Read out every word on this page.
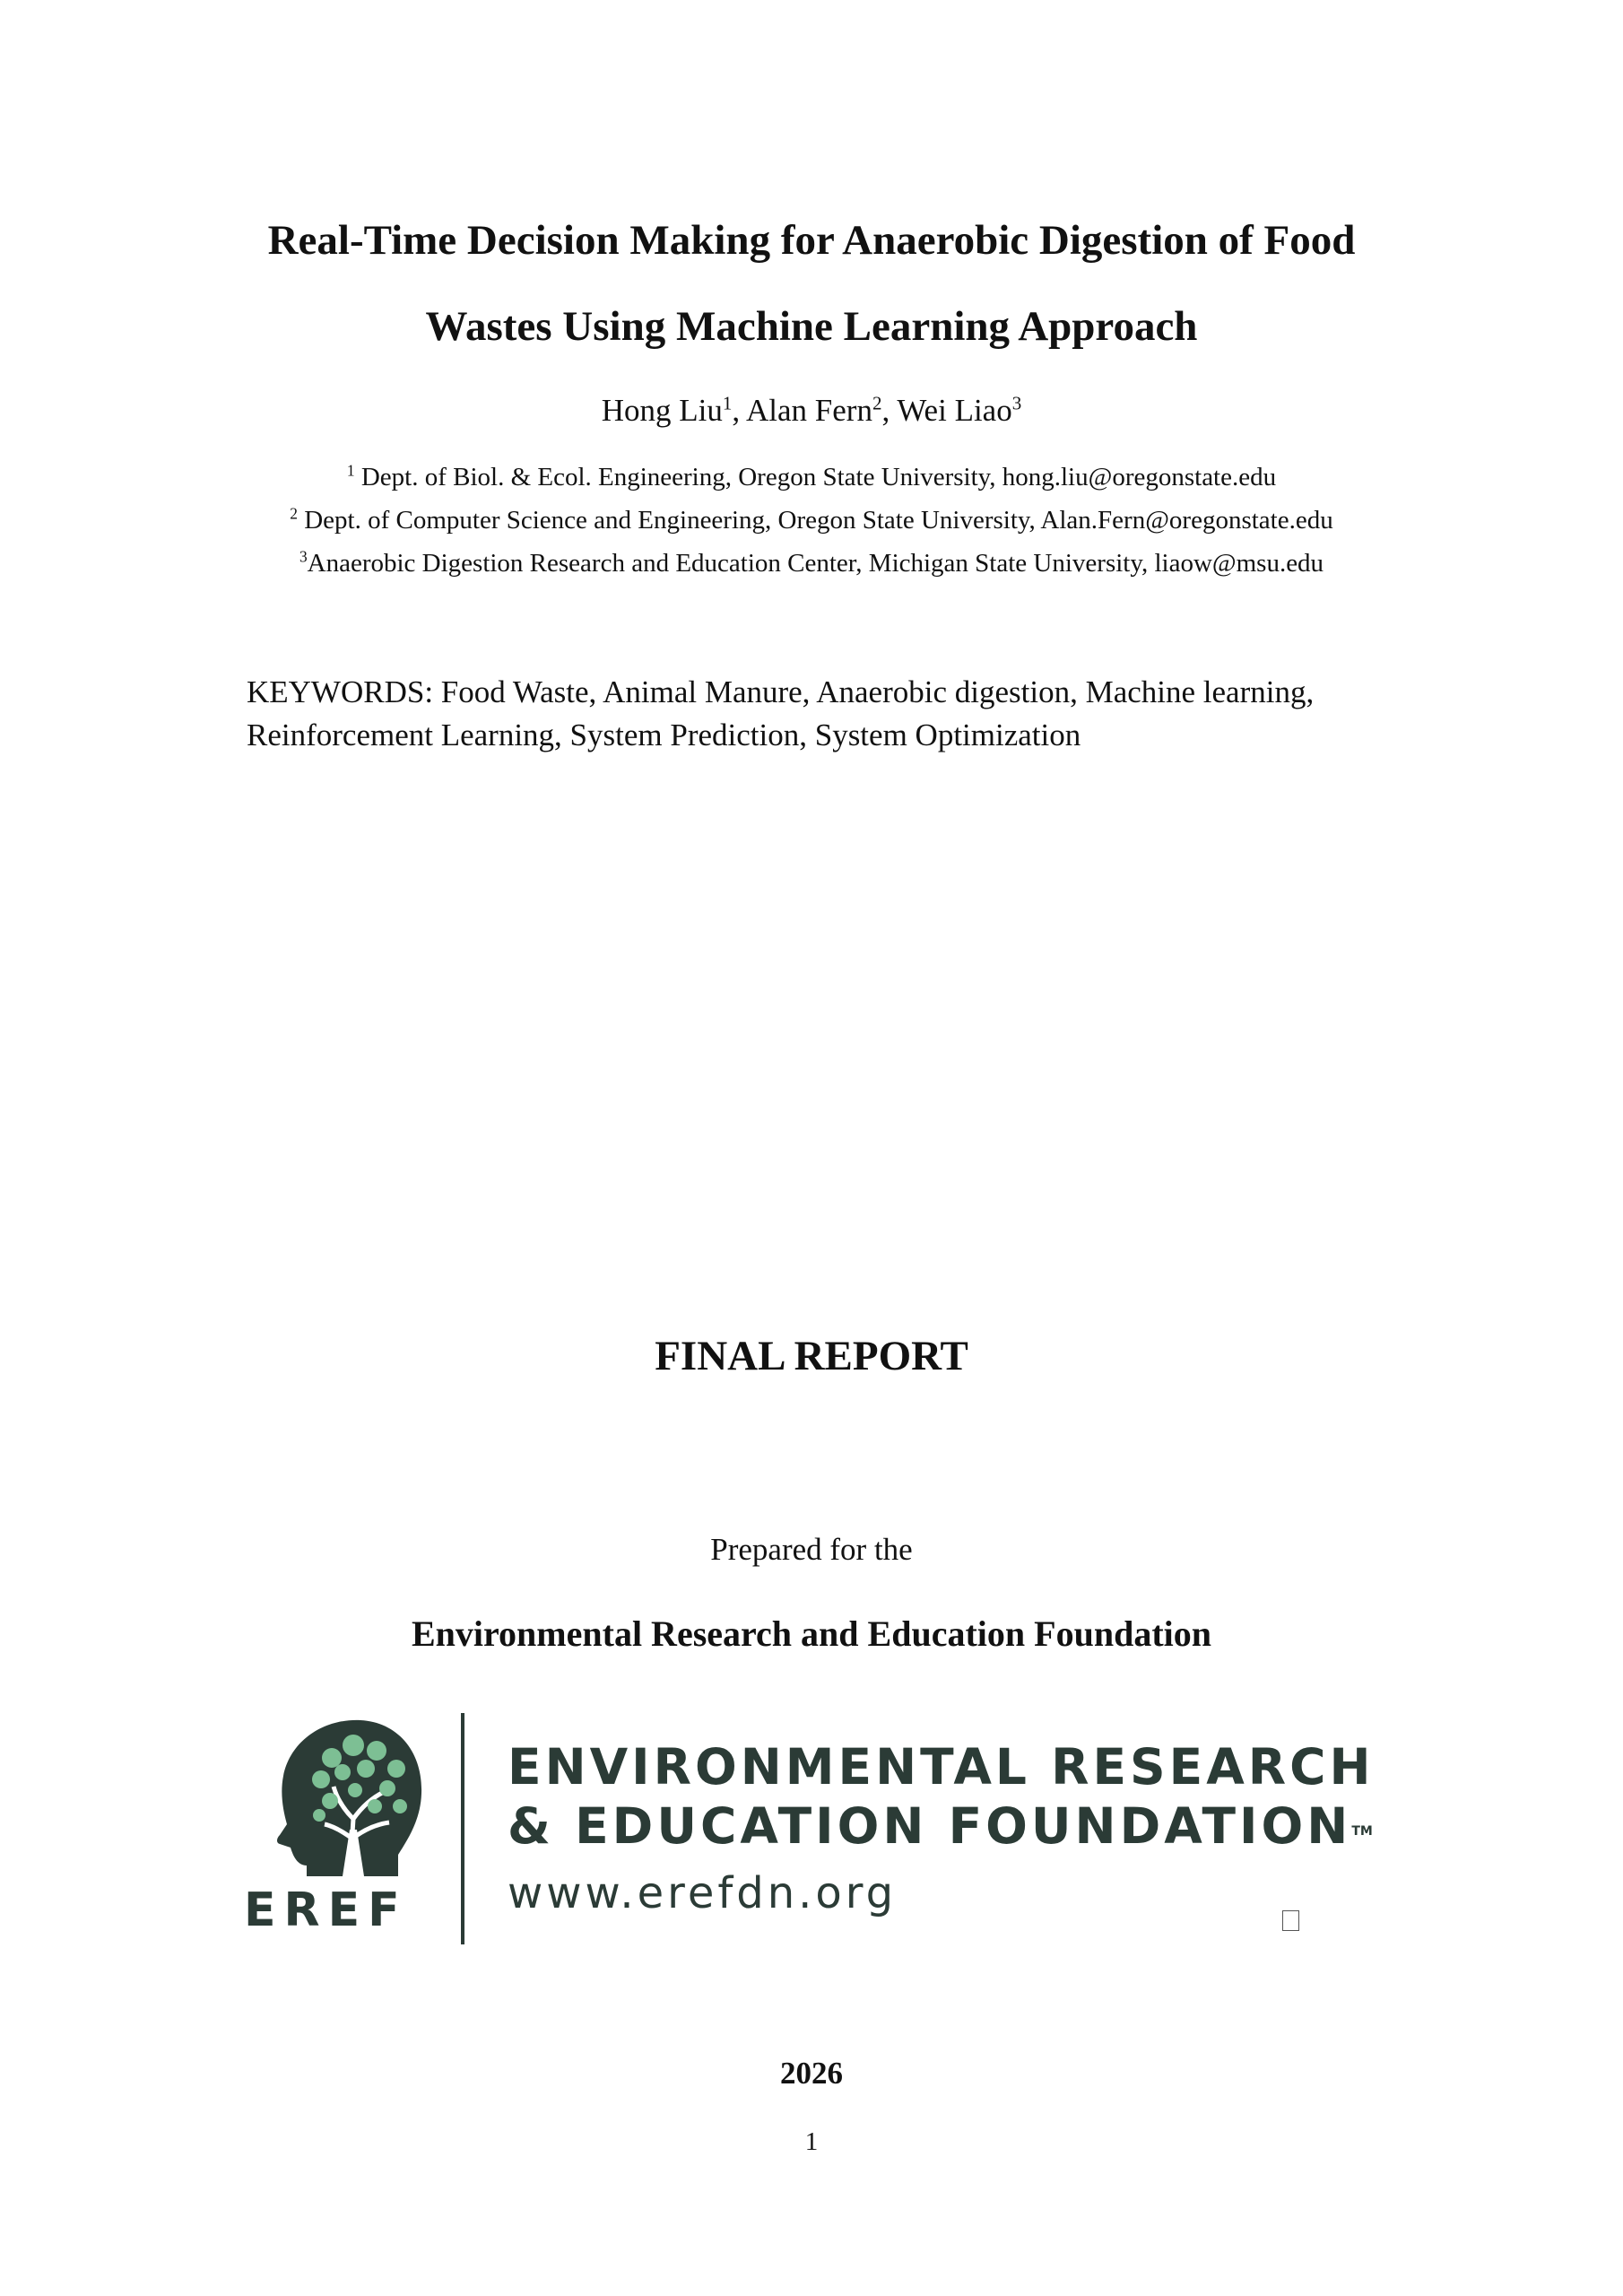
Real-Time Decision Making for Anaerobic Digestion of Food
Wastes Using Machine Learning Approach
Hong Liu$^1$, Alan Fern$^2$, Wei Liao$^3$
$^1$ Dept. of Biol. & Ecol. Engineering, Oregon State University, hong.liu@oregonstate.edu
$^2$ Dept. of Computer Science and Engineering, Oregon State University, Alan.Fern@oregonstate.edu
$^3$Anaerobic Digestion Research and Education Center, Michigan State University, liaow@msu.edu
KEYWORDS: Food Waste, Animal Manure, Anaerobic digestion, Machine learning,
Reinforcement Learning, System Prediction, System Optimization
FINAL REPORT
Prepared for the
Environmental Research and Education Foundation
EREF
ENVIRONMENTAL RESEARCH
& EDUCATION FOUNDATION™
www.erefdn.org
2026
1
